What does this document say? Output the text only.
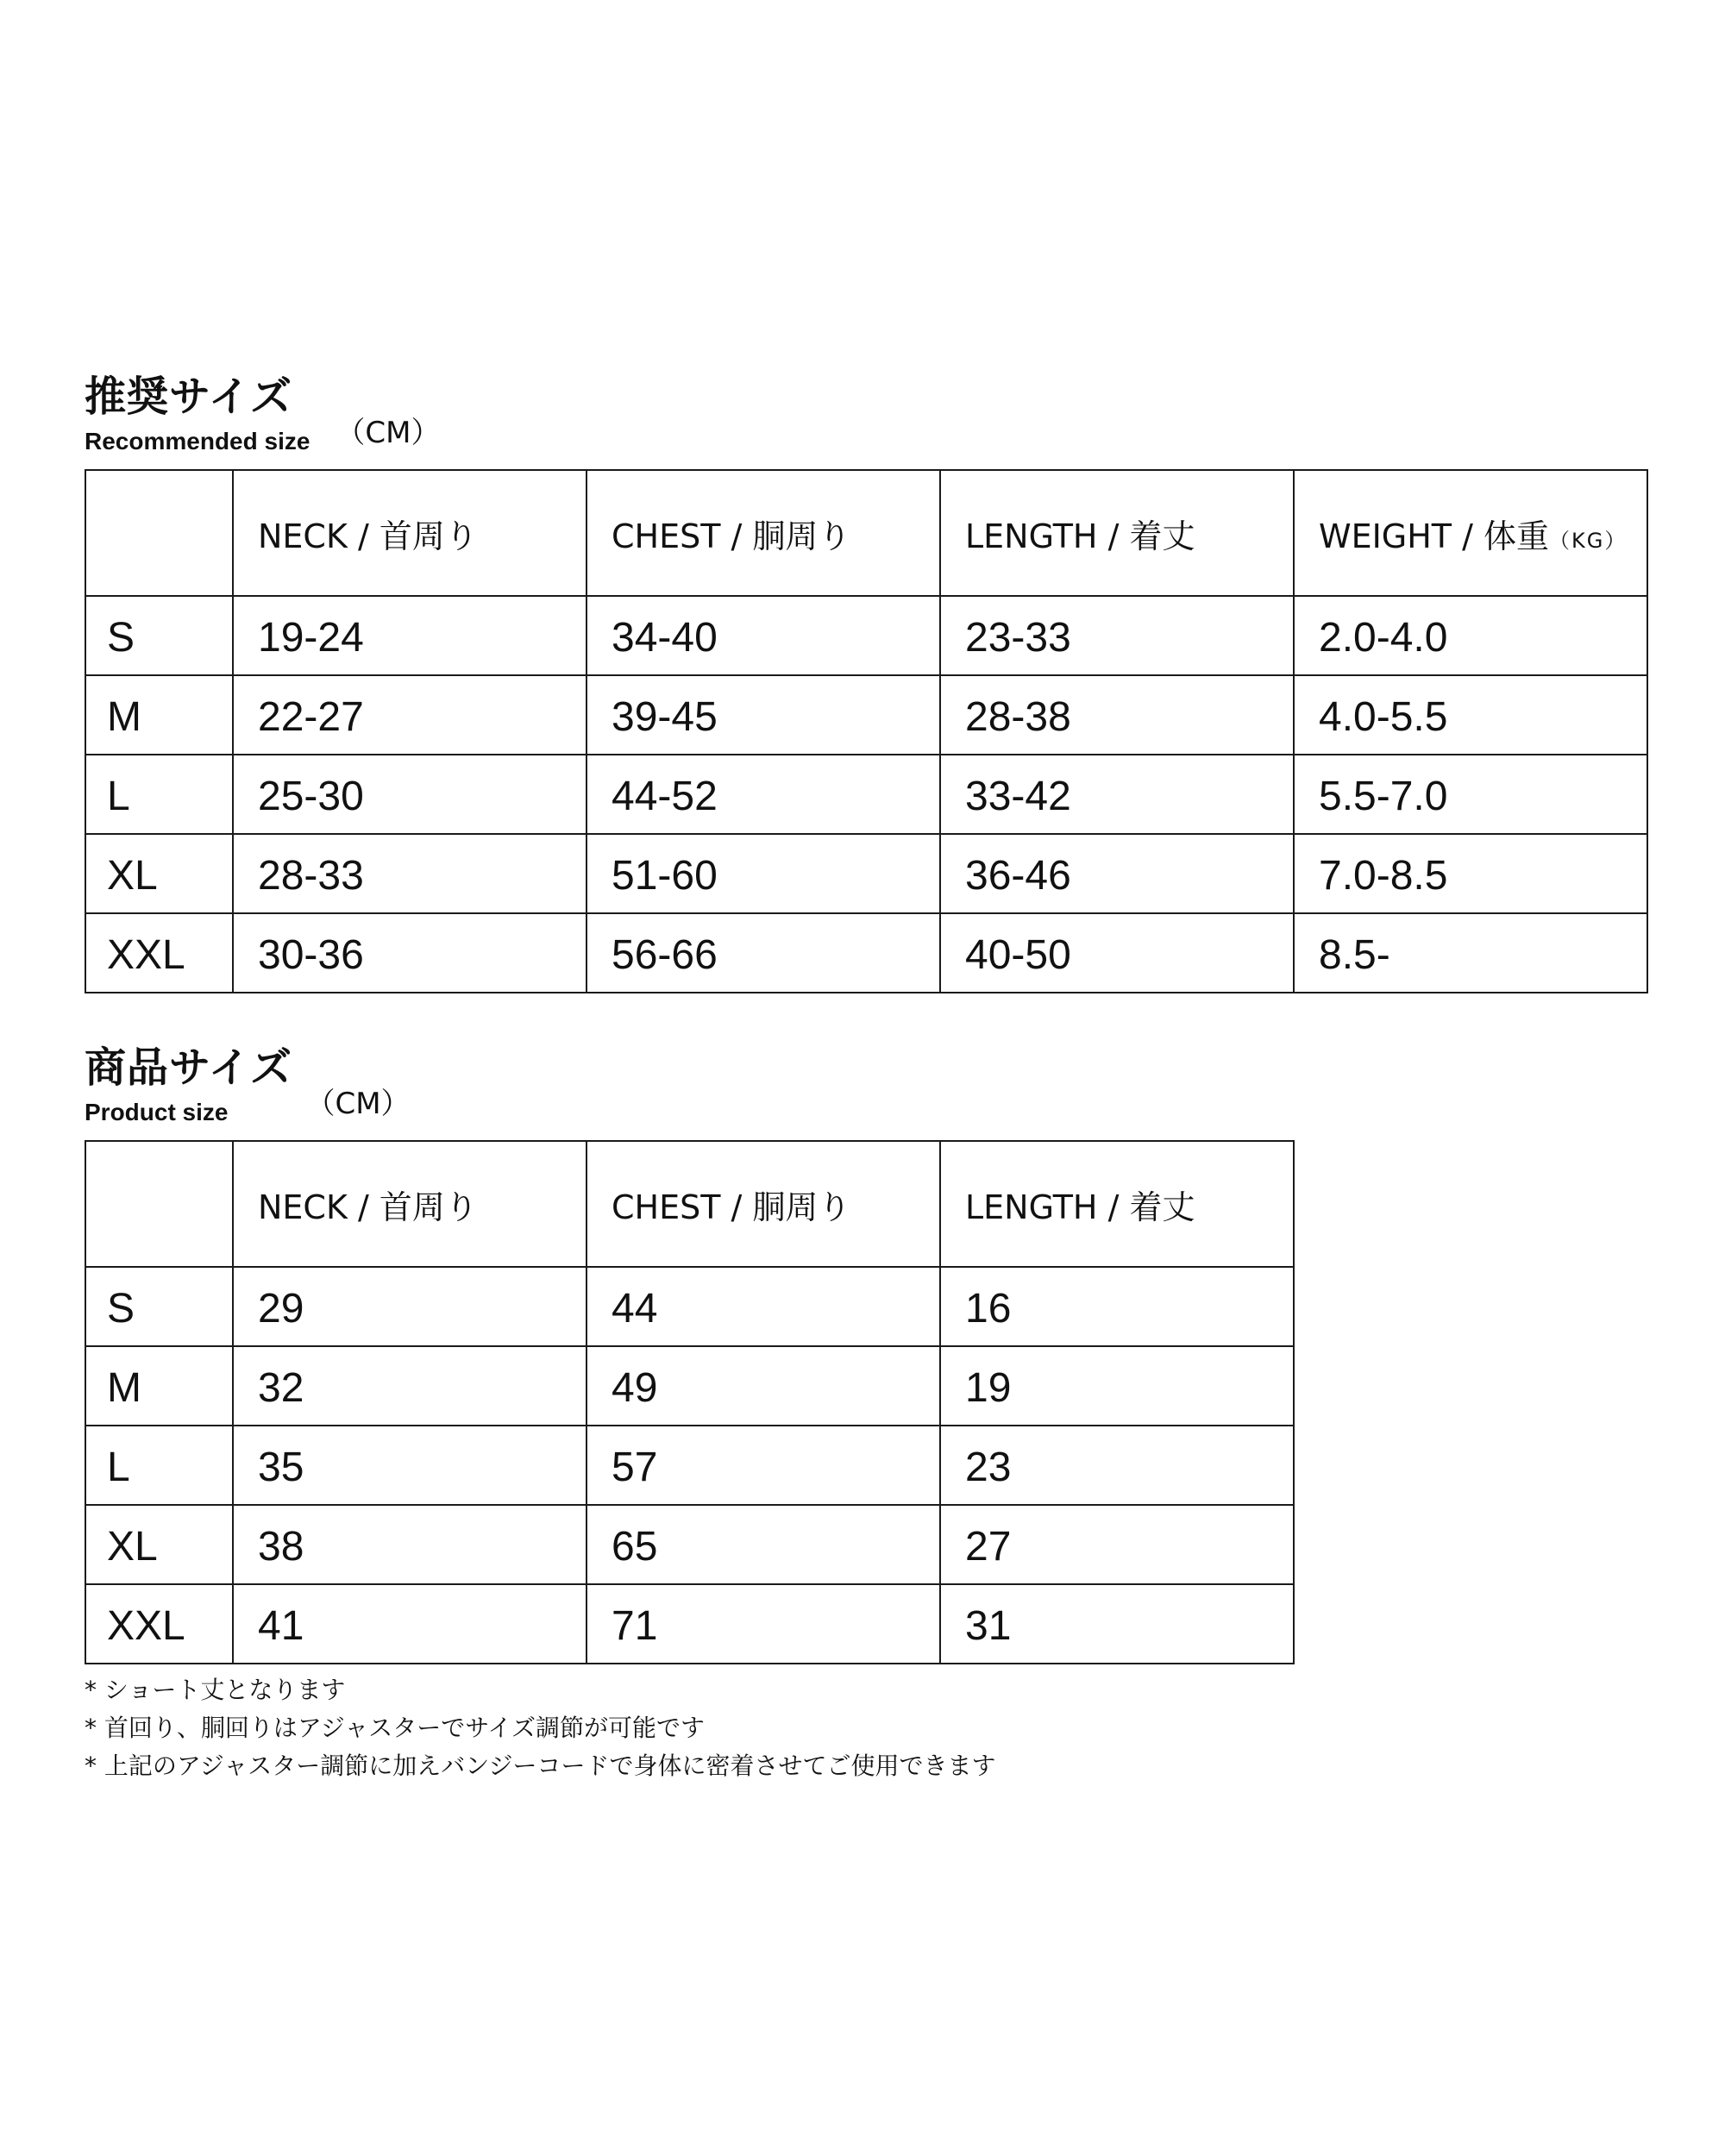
推奨サイズ
Recommended size （CM）
	NECK / 首周り	CHEST / 胴周り	LENGTH / 着丈	WEIGHT / 体重（KG）
S	19-24	34-40	23-33	2.0-4.0
M	22-27	39-45	28-38	4.0-5.5
L	25-30	44-52	33-42	5.5-7.0
XL	28-33	51-60	36-46	7.0-8.5
XXL	30-36	56-66	40-50	8.5-
商品サイズ
Product size	（CM）
	NECK / 首周り	CHEST / 胴周り	LENGTH / 着丈
S	29	44	16
M	32	49	19
L	35	57	23
XL	38	65	27
XXL	41	71	31
* ショート丈となります
* 首回り、胴回りはアジャスターでサイズ調節が可能です
* 上記のアジャスター調節に加えバンジーコードで身体に密着させてご使用できます
